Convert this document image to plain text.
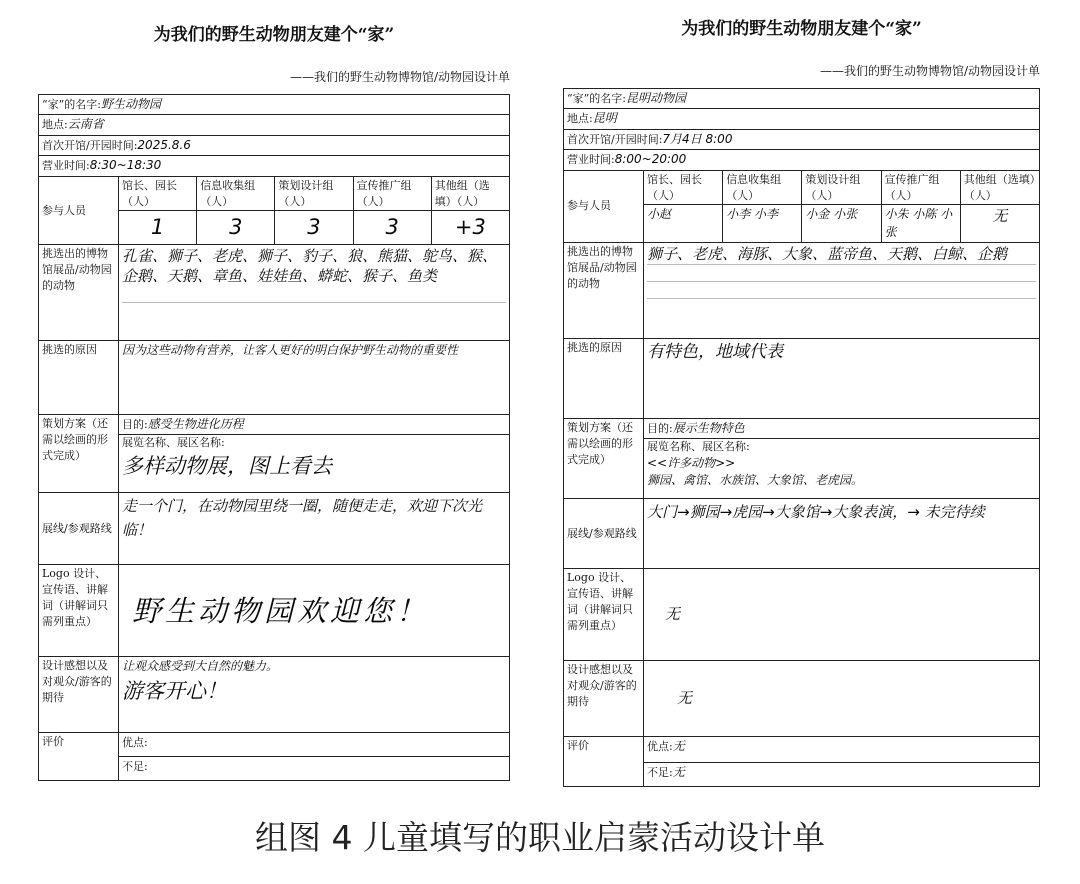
为我们的野生动物朋友建个“家”
——我们的野生动物博物馆/动物园设计单
“家”的名字:野生动物园					
地点:云南省					
首次开馆/开园时间:2025.8.6					
营业时间:8:30~18:30					
参与人员	馆长、园长（人）	信息收集组（人）	策划设计组（人）	宣传推广组（人）	其他组（选填）（人）
	1	3	3	3	+3
挑选出的博物馆展品/动物园的动物	孔雀、狮子、老虎、狮子、豹子、狼、熊猫、鸵鸟、猴、企鹅、天鹅、章鱼、娃娃鱼、蟒蛇、猴子、鱼类				

挑选的原因	因为这些动物有营养，让客人更好的明白保护野生动物的重要性				

策划方案（还需以绘画的形式完成）	目的:感受生物进化历程
展览名称、展区名称:
多样动物展，图上看去				

展线/参观路线	走一个门，在动物园里绕一圈，随便走走，欢迎下次光临！				

Logo 设计、宣传语、讲解词（讲解词只需列重点）	野生动物园欢迎您！				

设计感想以及对观众/游客的期待	让观众感受到大自然的魅力。
游客开心！				

评价	优点:				
	不足:				
为我们的野生动物朋友建个“家”
——我们的野生动物博物馆/动物园设计单
“家”的名字:昆明动物园					
地点:昆明					
首次开馆/开园时间:7月4日 8:00					
营业时间:8:00~20:00					
参与人员	馆长、园长（人）	信息收集组（人）	策划设计组（人）	宣传推广组（人）	其他组（选填）（人）
	小赵	小李 小李	小金 小张	小朱 小陈 小张	无
挑选出的博物馆展品/动物园的动物	狮子、老虎、海豚、大象、蓝帝鱼、天鹅、白鲸、企鹅				

挑选的原因	有特色，地域代表				

策划方案（还需以绘画的形式完成）	目的:展示生物特色
展览名称、展区名称:
<<许多动物>>
狮园、禽馆、水族馆、大象馆、老虎园。				

展线/参观路线	大门→狮园→虎园→大象馆→大象表演，→ 未完待续				

Logo 设计、宣传语、讲解词（讲解词只需列重点）	无				

设计感想以及对观众/游客的期待	无				

评价	优点:无				
	不足:无				
组图 4 儿童填写的职业启蒙活动设计单
